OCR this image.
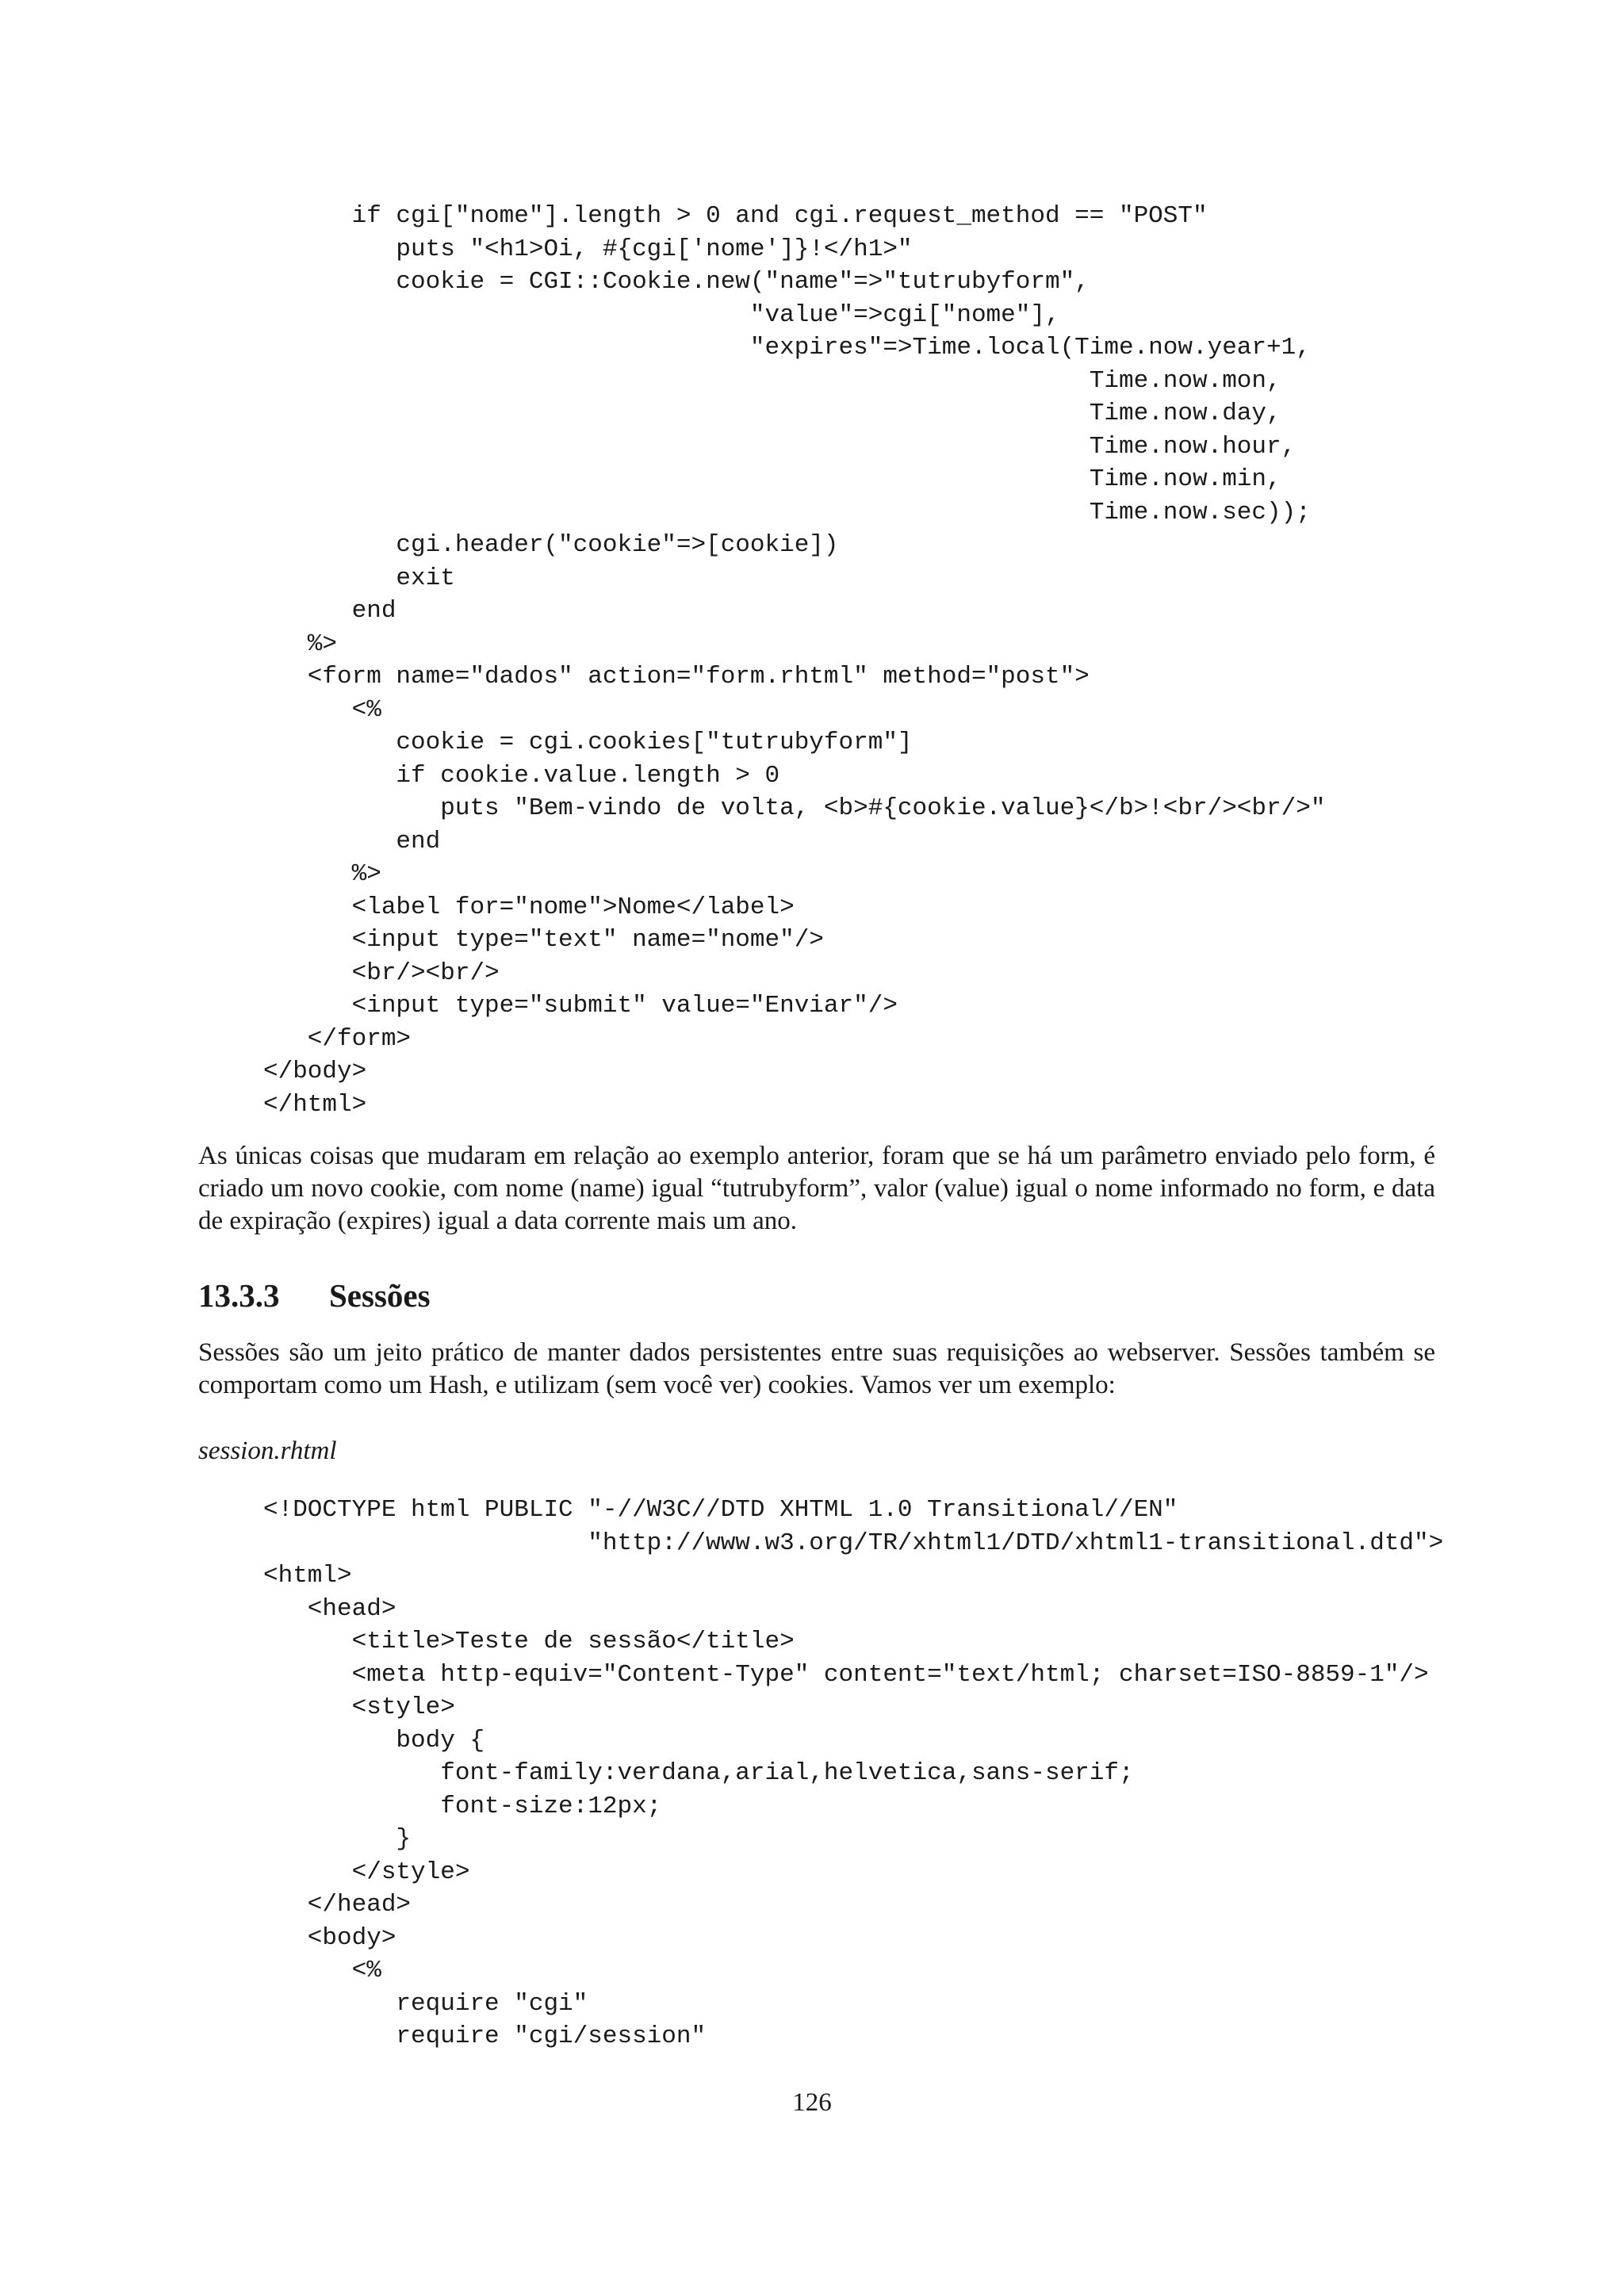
if cgi["nome"].length > 0 and cgi.request_method == "POST"
puts "<h1>Oi, #{cgi['nome']}!</h1>"
cookie = CGI::Cookie.new("name"=>"tutrubyform",
"value"=>cgi["nome"],
"expires"=>Time.local(Time.now.year+1,
Time.now.mon,
Time.now.day,
Time.now.hour,
Time.now.min,
Time.now.sec));
cgi.header("cookie"=>[cookie])
exit
end
%>
<form name="dados" action="form.rhtml" method="post">
<%
cookie = cgi.cookies["tutrubyform"]
if cookie.value.length > 0
puts "Bem-vindo de volta, <b>#{cookie.value}</b>!<br/><br/>"
end
%>
<label for="nome">Nome</label>
<input type="text" name="nome"/>
<br/><br/>
<input type="submit" value="Enviar"/>
</form>
</body>
</html>

As únicas coisas que mudaram em relação ao exemplo anterior, foram que se há um parâmetro enviado pelo form, é criado um novo cookie, com nome (name) igual “tutrubyform”, valor (value) igual o nome informado no form, e data de expiração (expires) igual a data corrente mais um ano.

13.3.3 Sessões

Sessões são um jeito prático de manter dados persistentes entre suas requisições ao webserver. Sessões também se comportam como um Hash, e utilizam (sem você ver) cookies. Vamos ver um exemplo:

session.rhtml

<!DOCTYPE html PUBLIC "-//W3C//DTD XHTML 1.0 Transitional//EN"
"http://www.w3.org/TR/xhtml1/DTD/xhtml1-transitional.dtd">
<html>
<head>
<title>Teste de sessão</title>
<meta http-equiv="Content-Type" content="text/html; charset=ISO-8859-1"/>
<style>
body {
font-family:verdana,arial,helvetica,sans-serif;
font-size:12px;
}
</style>
</head>
<body>
<%
require "cgi"
require "cgi/session"

126
